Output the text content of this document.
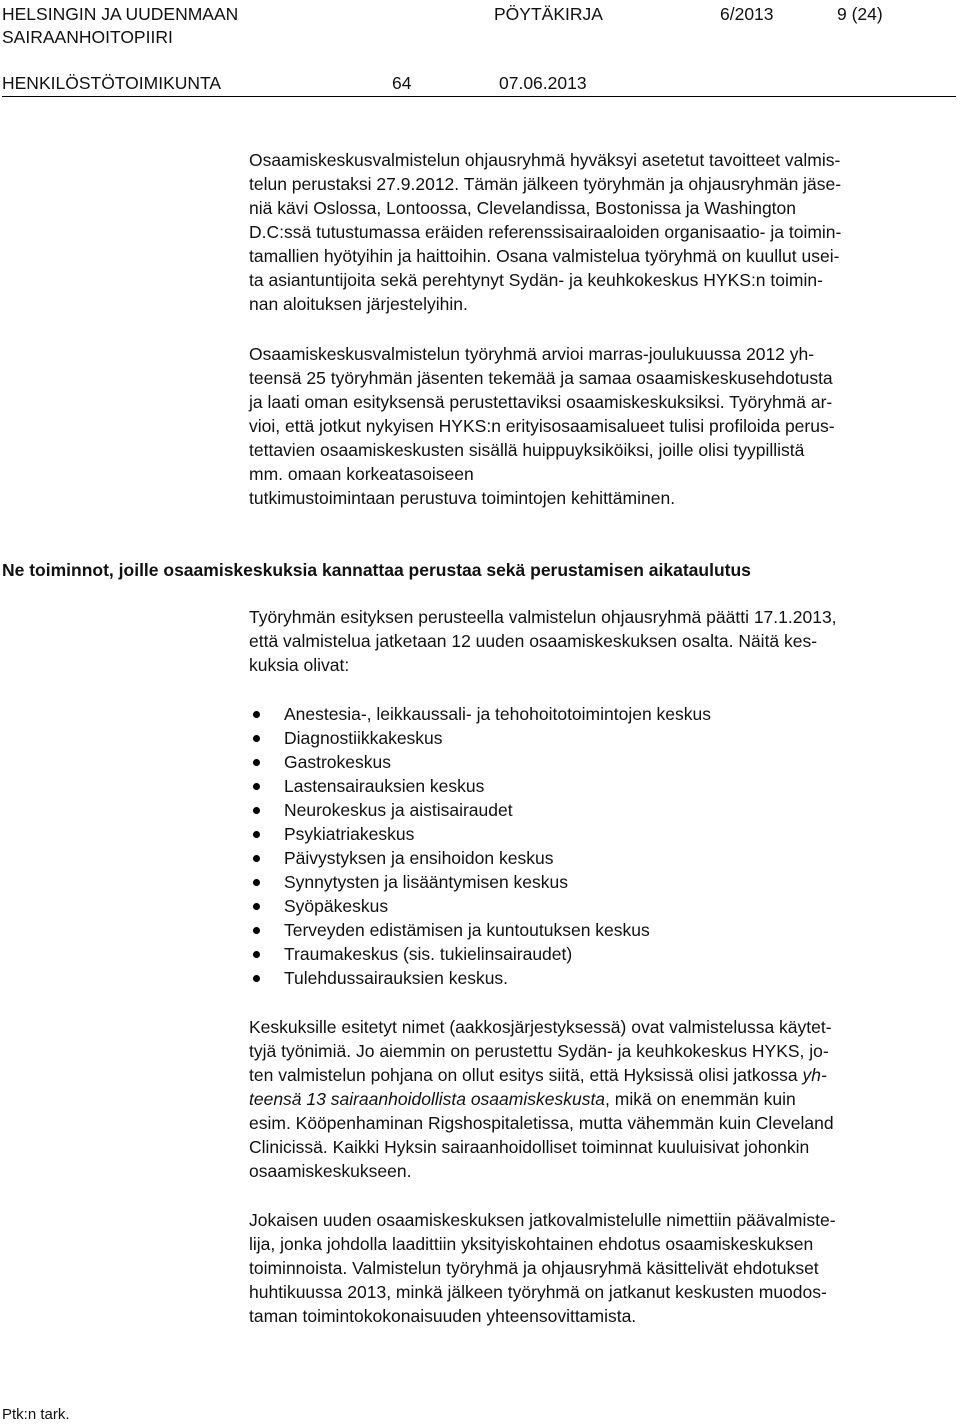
HELSINGIN JA UUDENMAAN
SAIRAANHOITOPIIRI
PÖYTÄKIRJA	6/2013	9 (24)
HENKILÖSTÖTOIMIKUNTA	64	07.06.2013

Osaamiskeskusvalmistelun ohjausryhmä hyväksyi asetetut tavoitteet valmis-

telun perustaksi 27.9.2012. Tämän jälkeen työryhmän ja ohjausryhmän jäse-

niä kävi Oslossa, Lontoossa, Clevelandissa, Bostonissa ja Washington

D.C:ssä tutustumassa eräiden referenssisairaaloiden organisaatio- ja toimin-

tamallien hyötyihin ja haittoihin. Osana valmistelua työryhmä on kuullut usei-

ta asiantuntijoita sekä perehtynyt Sydän- ja keuhkokeskus HYKS:n toimin-

nan aloituksen järjestelyihin.

Osaamiskeskusvalmistelun työryhmä arvioi marras-joulukuussa 2012 yh-

teensä 25 työryhmän jäsenten tekemää ja samaa osaamiskeskusehdotusta

ja laati oman esityksensä perustettaviksi osaamiskeskuksiksi. Työryhmä ar-

vioi, että jotkut nykyisen HYKS:n erityisosaamisalueet tulisi profiloida perus-

tettavien osaamiskeskusten sisällä huippuyksiköiksi, joille olisi tyypillistä

mm. omaan korkeatasoiseen

tutkimustoimintaan perustuva toimintojen kehittäminen.

Ne toiminnot, joille osaamiskeskuksia kannattaa perustaa sekä perustamisen aikataulutus

Työryhmän esityksen perusteella valmistelun ohjausryhmä päätti 17.1.2013,

että valmistelua jatketaan 12 uuden osaamiskeskuksen osalta. Näitä kes-

kuksia olivat:

Anestesia-, leikkaussali- ja tehohoitotoimintojen keskus
Diagnostiikkakeskus
Gastrokeskus
Lastensairauksien keskus
Neurokeskus ja aistisairaudet
Psykiatriakeskus
Päivystyksen ja ensihoidon keskus
Synnytysten ja lisääntymisen keskus
Syöpäkeskus
Terveyden edistämisen ja kuntoutuksen keskus
Traumakeskus (sis. tukielinsairaudet)
Tulehdussairauksien keskus.

Keskuksille esitetyt nimet (aakkosjärjestyksessä) ovat valmistelussa käytet-

tyjä työnimiä. Jo aiemmin on perustettu Sydän- ja keuhkokeskus HYKS, jo-

ten valmistelun pohjana on ollut esitys siitä, että Hyksissä olisi jatkossa yh-

teensä 13 sairaanhoidollista osaamiskeskusta, mikä on enemmän kuin

esim. Kööpenhaminan Rigshospitaletissa, mutta vähemmän kuin Cleveland

Clinicissä. Kaikki Hyksin sairaanhoidolliset toiminnat kuuluisivat johonkin

osaamiskeskukseen.

Jokaisen uuden osaamiskeskuksen jatkovalmistelulle nimettiin päävalmiste-

lija, jonka johdolla laadittiin yksityiskohtainen ehdotus osaamiskeskuksen

toiminnoista. Valmistelun työryhmä ja ohjausryhmä käsittelivät ehdotukset

huhtikuussa 2013, minkä jälkeen työryhmä on jatkanut keskusten muodos-

taman toimintokokonaisuuden yhteensovittamista.

Ptk:n tark.
